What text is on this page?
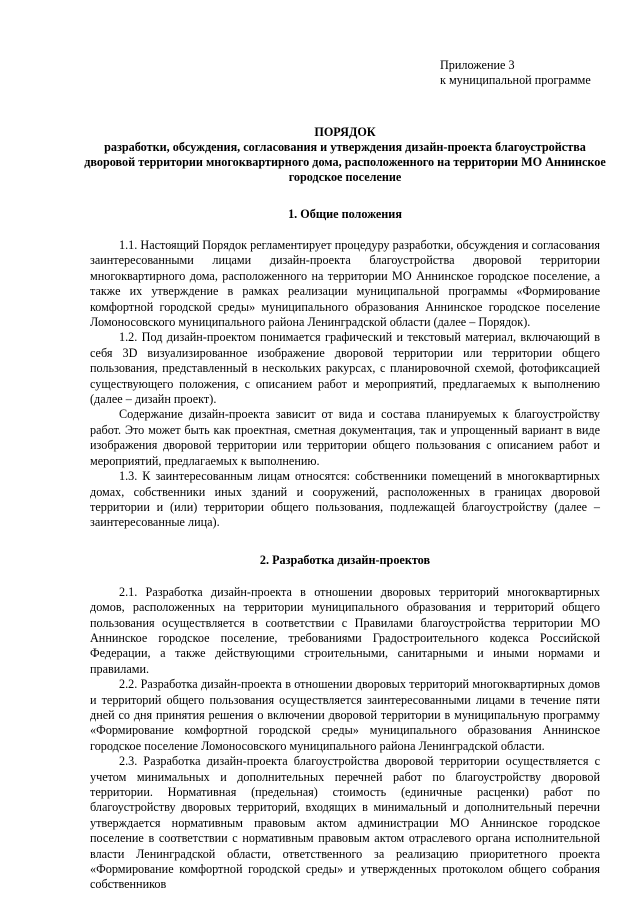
Приложение 3
к муниципальной программе
ПОРЯДОК
разработки, обсуждения, согласования и утверждения дизайн-проекта благоустройства дворовой территории многоквартирного дома, расположенного на территории МО Аннинское городское поселение
1. Общие положения

1.1. Настоящий Порядок регламентирует процедуру разработки, обсуждения и согласования заинтересованными лицами дизайн-проекта благоустройства дворовой территории многоквартирного дома, расположенного на территории МО Аннинское городское поселение, а также их утверждение в рамках реализации муниципальной программы «Формирование комфортной городской среды» муниципального образования Аннинское городское поселение Ломоносовского муниципального района Ленинградской области (далее – Порядок).

1.2. Под дизайн-проектом понимается графический и текстовый материал, включающий в себя 3D визуализированное изображение дворовой территории или территории общего пользования, представленный в нескольких ракурсах, с планировочной схемой, фотофиксацией существующего положения, с описанием работ и мероприятий, предлагаемых к выполнению (далее – дизайн проект).

Содержание дизайн-проекта зависит от вида и состава планируемых к благоустройству работ. Это может быть как проектная, сметная документация, так и упрощенный вариант в виде изображения дворовой территории или территории общего пользования с описанием работ и мероприятий, предлагаемых к выполнению.

1.3. К заинтересованным лицам относятся: собственники помещений в многоквартирных домах, собственники иных зданий и сооружений, расположенных в границах дворовой территории и (или) территории общего пользования, подлежащей благоустройству (далее – заинтересованные лица).

2. Разработка дизайн-проектов

2.1. Разработка дизайн-проекта в отношении дворовых территорий многоквартирных домов, расположенных на территории муниципального образования и территорий общего пользования осуществляется в соответствии с Правилами благоустройства территории МО Аннинское городское поселение, требованиями Градостроительного кодекса Российской Федерации, а также действующими строительными, санитарными и иными нормами и правилами.

2.2. Разработка дизайн-проекта в отношении дворовых территорий многоквартирных домов и территорий общего пользования осуществляется заинтересованными лицами в течение пяти дней со дня принятия решения о включении дворовой территории в муниципальную программу «Формирование комфортной городской среды» муниципального образования Аннинское городское поселение Ломоносовского муниципального района Ленинградской области.

2.3. Разработка дизайн-проекта благоустройства дворовой территории осуществляется с учетом минимальных и дополнительных перечней работ по благоустройству дворовой территории. Нормативная (предельная) стоимость (единичные расценки) работ по благоустройству дворовых территорий, входящих в минимальный и дополнительный перечни утверждается нормативным правовым актом администрации МО Аннинское городское поселение в соответствии с нормативным правовым актом отраслевого органа исполнительной власти Ленинградской области, ответственного за реализацию приоритетного проекта «Формирование комфортной городской среды» и утвержденных протоколом общего собрания собственников
